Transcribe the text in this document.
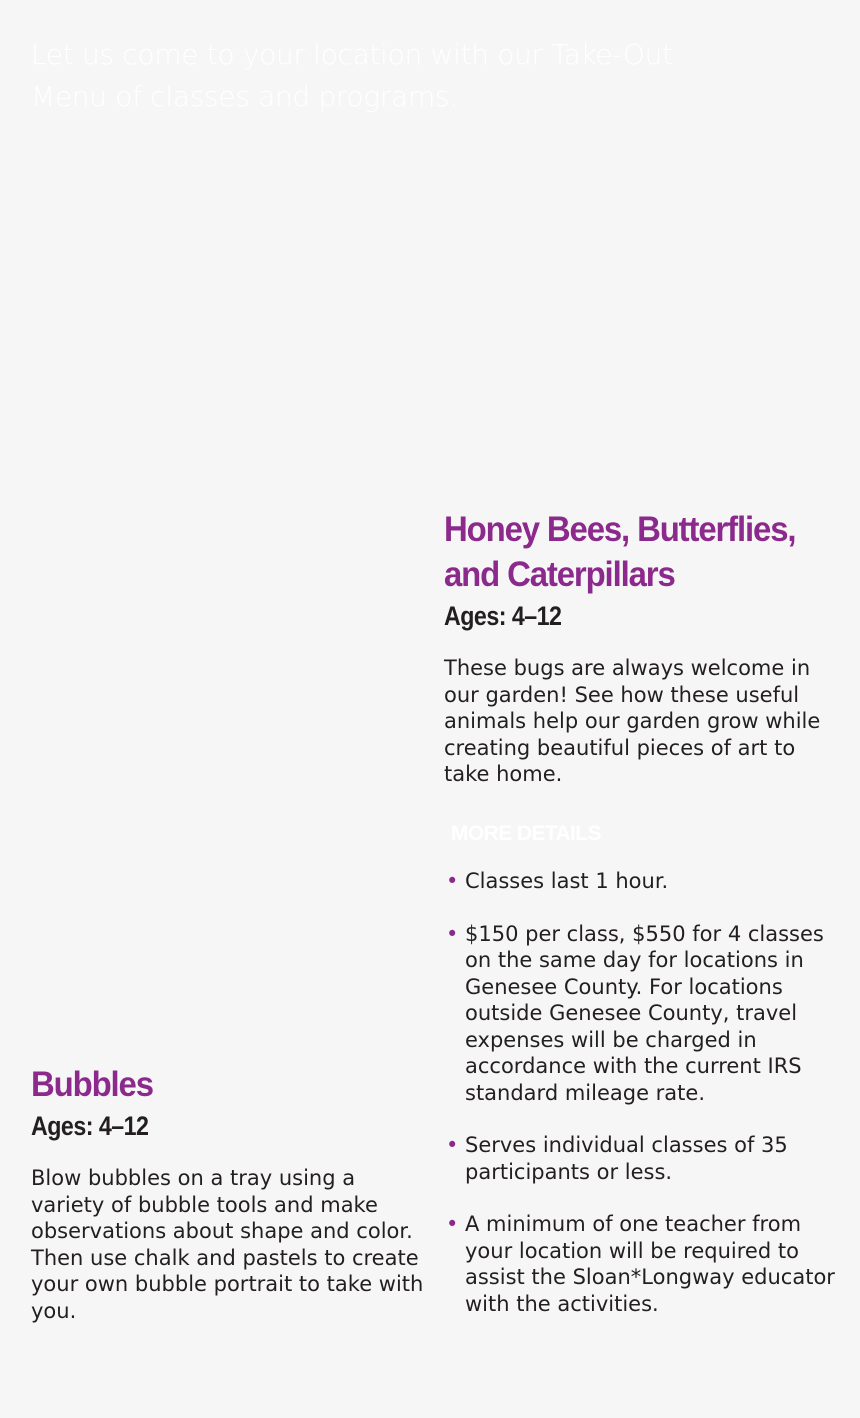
Let us come to your location with our Take-Out Menu of classes and programs.

Honey Bees, Butterflies,
and Caterpillars
Ages: 4–12

These bugs are always welcome in our garden! See how these useful animals help our garden grow while creating beautiful pieces of art to take home.

MORE DETAILS
• Classes last 1 hour.
• $150 per class, $550 for 4 classes on the same day for locations in Genesee County. For locations outside Genesee County, travel expenses will be charged in accordance with the current IRS standard mileage rate.
• Serves individual classes of 35 participants or less.
• A minimum of one teacher from your location will be required to assist the Sloan*Longway educator with the activities.
Bubbles
Ages: 4–12

Blow bubbles on a tray using a variety of bubble tools and make observations about shape and color. Then use chalk and pastels to create your own bubble portrait to take with you.
